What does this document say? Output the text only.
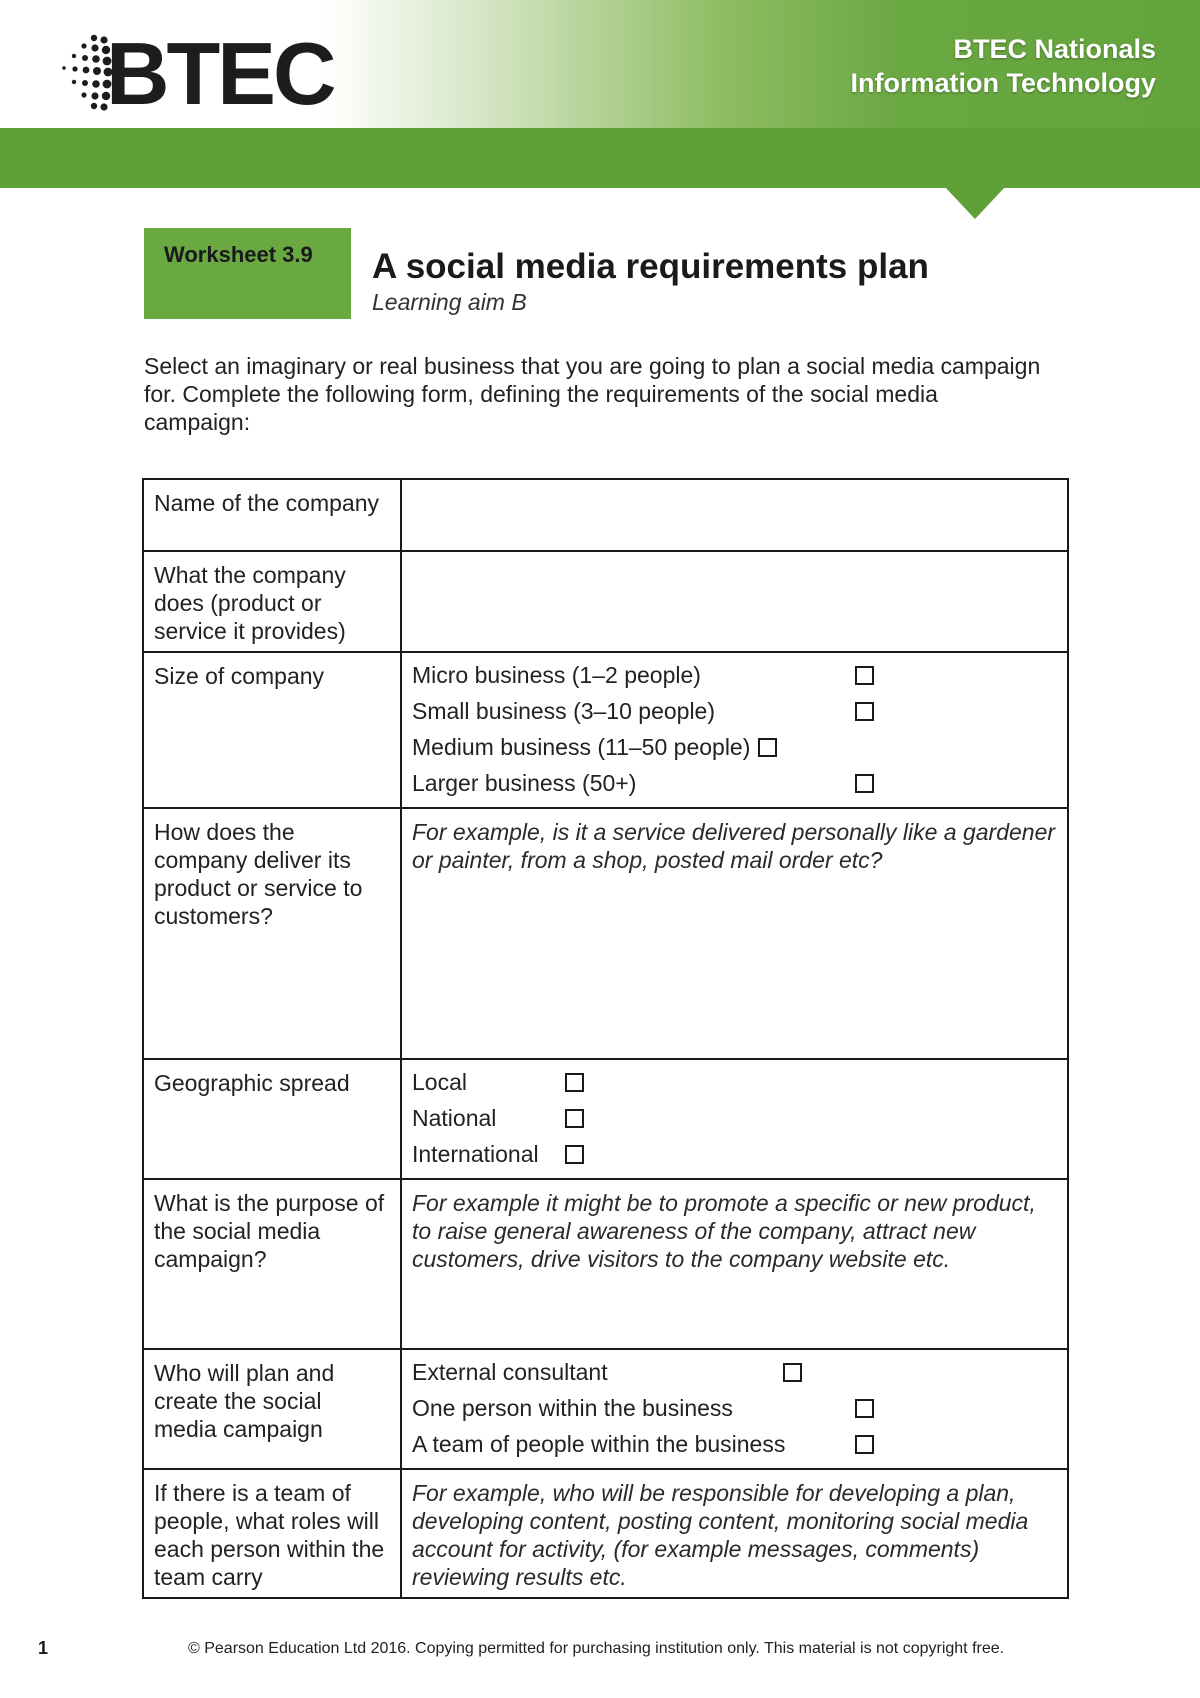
BTEC	BTEC Nationals
Information Technology
Worksheet 3.9	A social media requirements plan
Learning aim B
Select an imaginary or real business that you are going to plan a social media campaign for. Complete the following form, defining the requirements of the social media campaign:
Name of the company	
What the company does (product or service it provides)	
Size of company	Micro business (1–2 people)
Small business (3–10 people)
Medium business (11–50 people)
Larger business (50+)

How does the company deliver its product or service to customers?	For example, is it a service delivered personally like a gardener or painter, from a shop, posted mail order etc?
Geographic spread	Local
National
International

What is the purpose of the social media campaign?	For example it might be to promote a specific or new product, to raise general awareness of the company, attract new customers, drive visitors to the company website etc.
Who will plan and create the social media campaign	External consultant
One person within the business
A team of people within the business

If there is a team of people, what roles will each person within the team carry	For example, who will be responsible for developing a plan, developing content, posting content, monitoring social media account for activity, (for example messages, comments) reviewing results etc.
1	© Pearson Education Ltd 2016. Copying permitted for purchasing institution only. This material is not copyright free.
